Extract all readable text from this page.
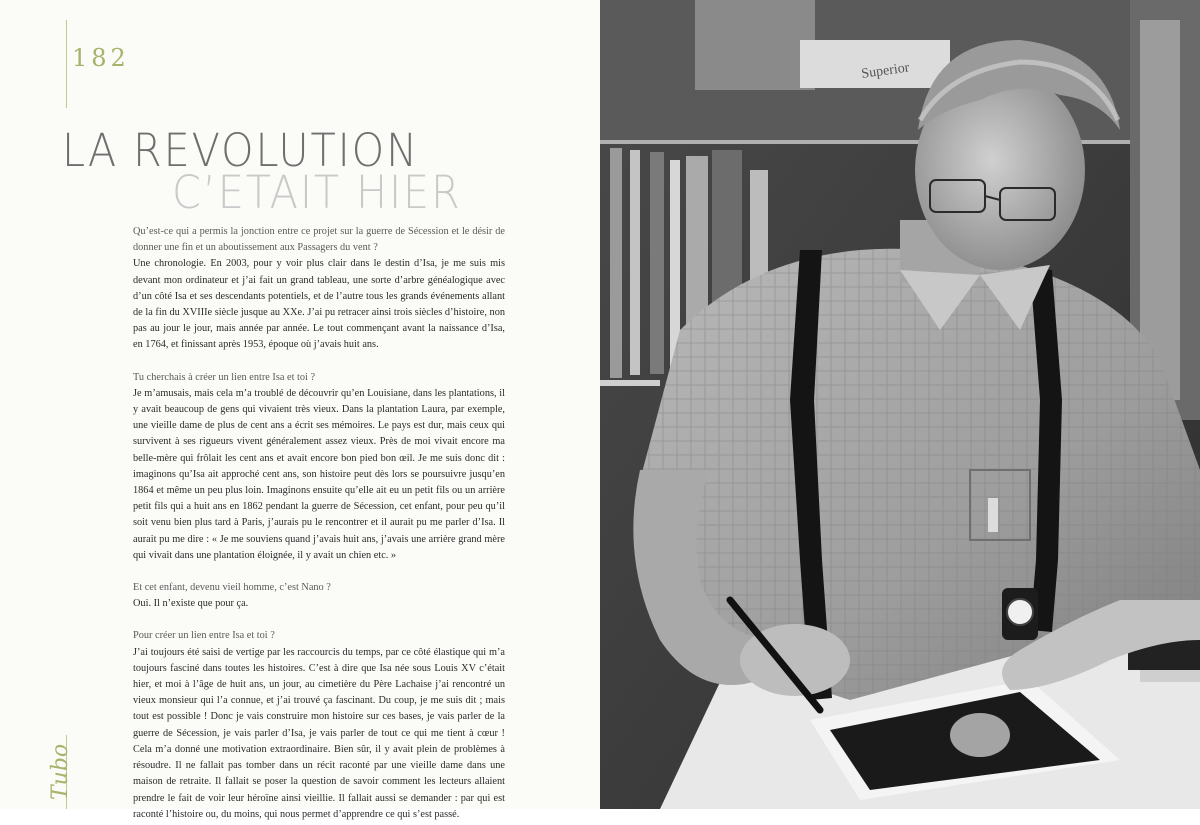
182
LA REVOLUTION
C’ETAIT HIER

Qu’est-ce qui a permis la jonction entre ce projet sur la guerre de Sécession et le désir de donner une fin et un aboutissement aux Passagers du vent ?

Une chronologie. En 2003, pour y voir plus clair dans le destin d’Isa, je me suis mis devant mon ordinateur et j’ai fait un grand tableau, une sorte d’arbre généalogique avec d’un côté Isa et ses descendants potentiels, et de l’autre tous les grands événements allant de la fin du XVIIIe siècle jusque au XXe. J’ai pu retracer ainsi trois siècles d’histoire, non pas au jour le jour, mais année par année. Le tout commençant avant la naissance d’Isa, en 1764, et finissant après 1953, époque où j’avais huit ans.

Tu cherchais à créer un lien entre Isa et toi ?

Je m’amusais, mais cela m’a troublé de découvrir qu’en Louisiane, dans les plantations, il y avait beaucoup de gens qui vivaient très vieux. Dans la plantation Laura, par exemple, une vieille dame de plus de cent ans a écrit ses mémoires. Le pays est dur, mais ceux qui survivent à ses rigueurs vivent généralement assez vieux. Près de moi vivait encore ma belle-mère qui frôlait les cent ans et avait encore bon pied bon œil. Je me suis donc dit : imaginons qu’Isa ait approché cent ans, son histoire peut dès lors se poursuivre jusqu’en 1864 et même un peu plus loin. Imaginons ensuite qu’elle ait eu un petit fils ou un arrière petit fils qui a huit ans en 1862 pendant la guerre de Sécession, cet enfant, pour peu qu’il soit venu bien plus tard à Paris, j’aurais pu le rencontrer et il aurait pu me parler d’Isa. Il aurait pu me dire : « Je me souviens quand j’avais huit ans, j’avais une arrière grand mère qui vivait dans une plantation éloignée, il y avait un chien etc. »

Et cet enfant, devenu vieil homme, c’est Nano ?

Oui. Il n’existe que pour ça.

Pour créer un lien entre Isa et toi ?

J’ai toujours été saisi de vertige par les raccourcis du temps, par ce côté élastique qui m’a toujours fasciné dans toutes les histoires. C’est à dire que Isa née sous Louis XV c’était hier, et moi à l’âge de huit ans, un jour, au cimetière du Père Lachaise j’ai rencontré un vieux monsieur qui l’a connue, et j’ai trouvé ça fascinant. Du coup, je me suis dit ; mais tout est possible ! Donc je vais construire mon histoire sur ces bases, je vais parler de la guerre de Sécession, je vais parler d’Isa, je vais parler de tout ce qui me tient à cœur ! Cela m’a donné une motivation extraordinaire. Bien sûr, il y avait plein de problèmes à résoudre. Il ne fallait pas tomber dans un récit raconté par une vieille dame dans une maison de retraite. Il fallait se poser la question de savoir comment les lecteurs allaient prendre le fait de voir leur héroïne ainsi vieillie. Il fallait aussi se demander : par qui est raconté l’histoire ou, du moins, qui nous permet d’apprendre ce qui s’est passé.

Tubo
Superior
